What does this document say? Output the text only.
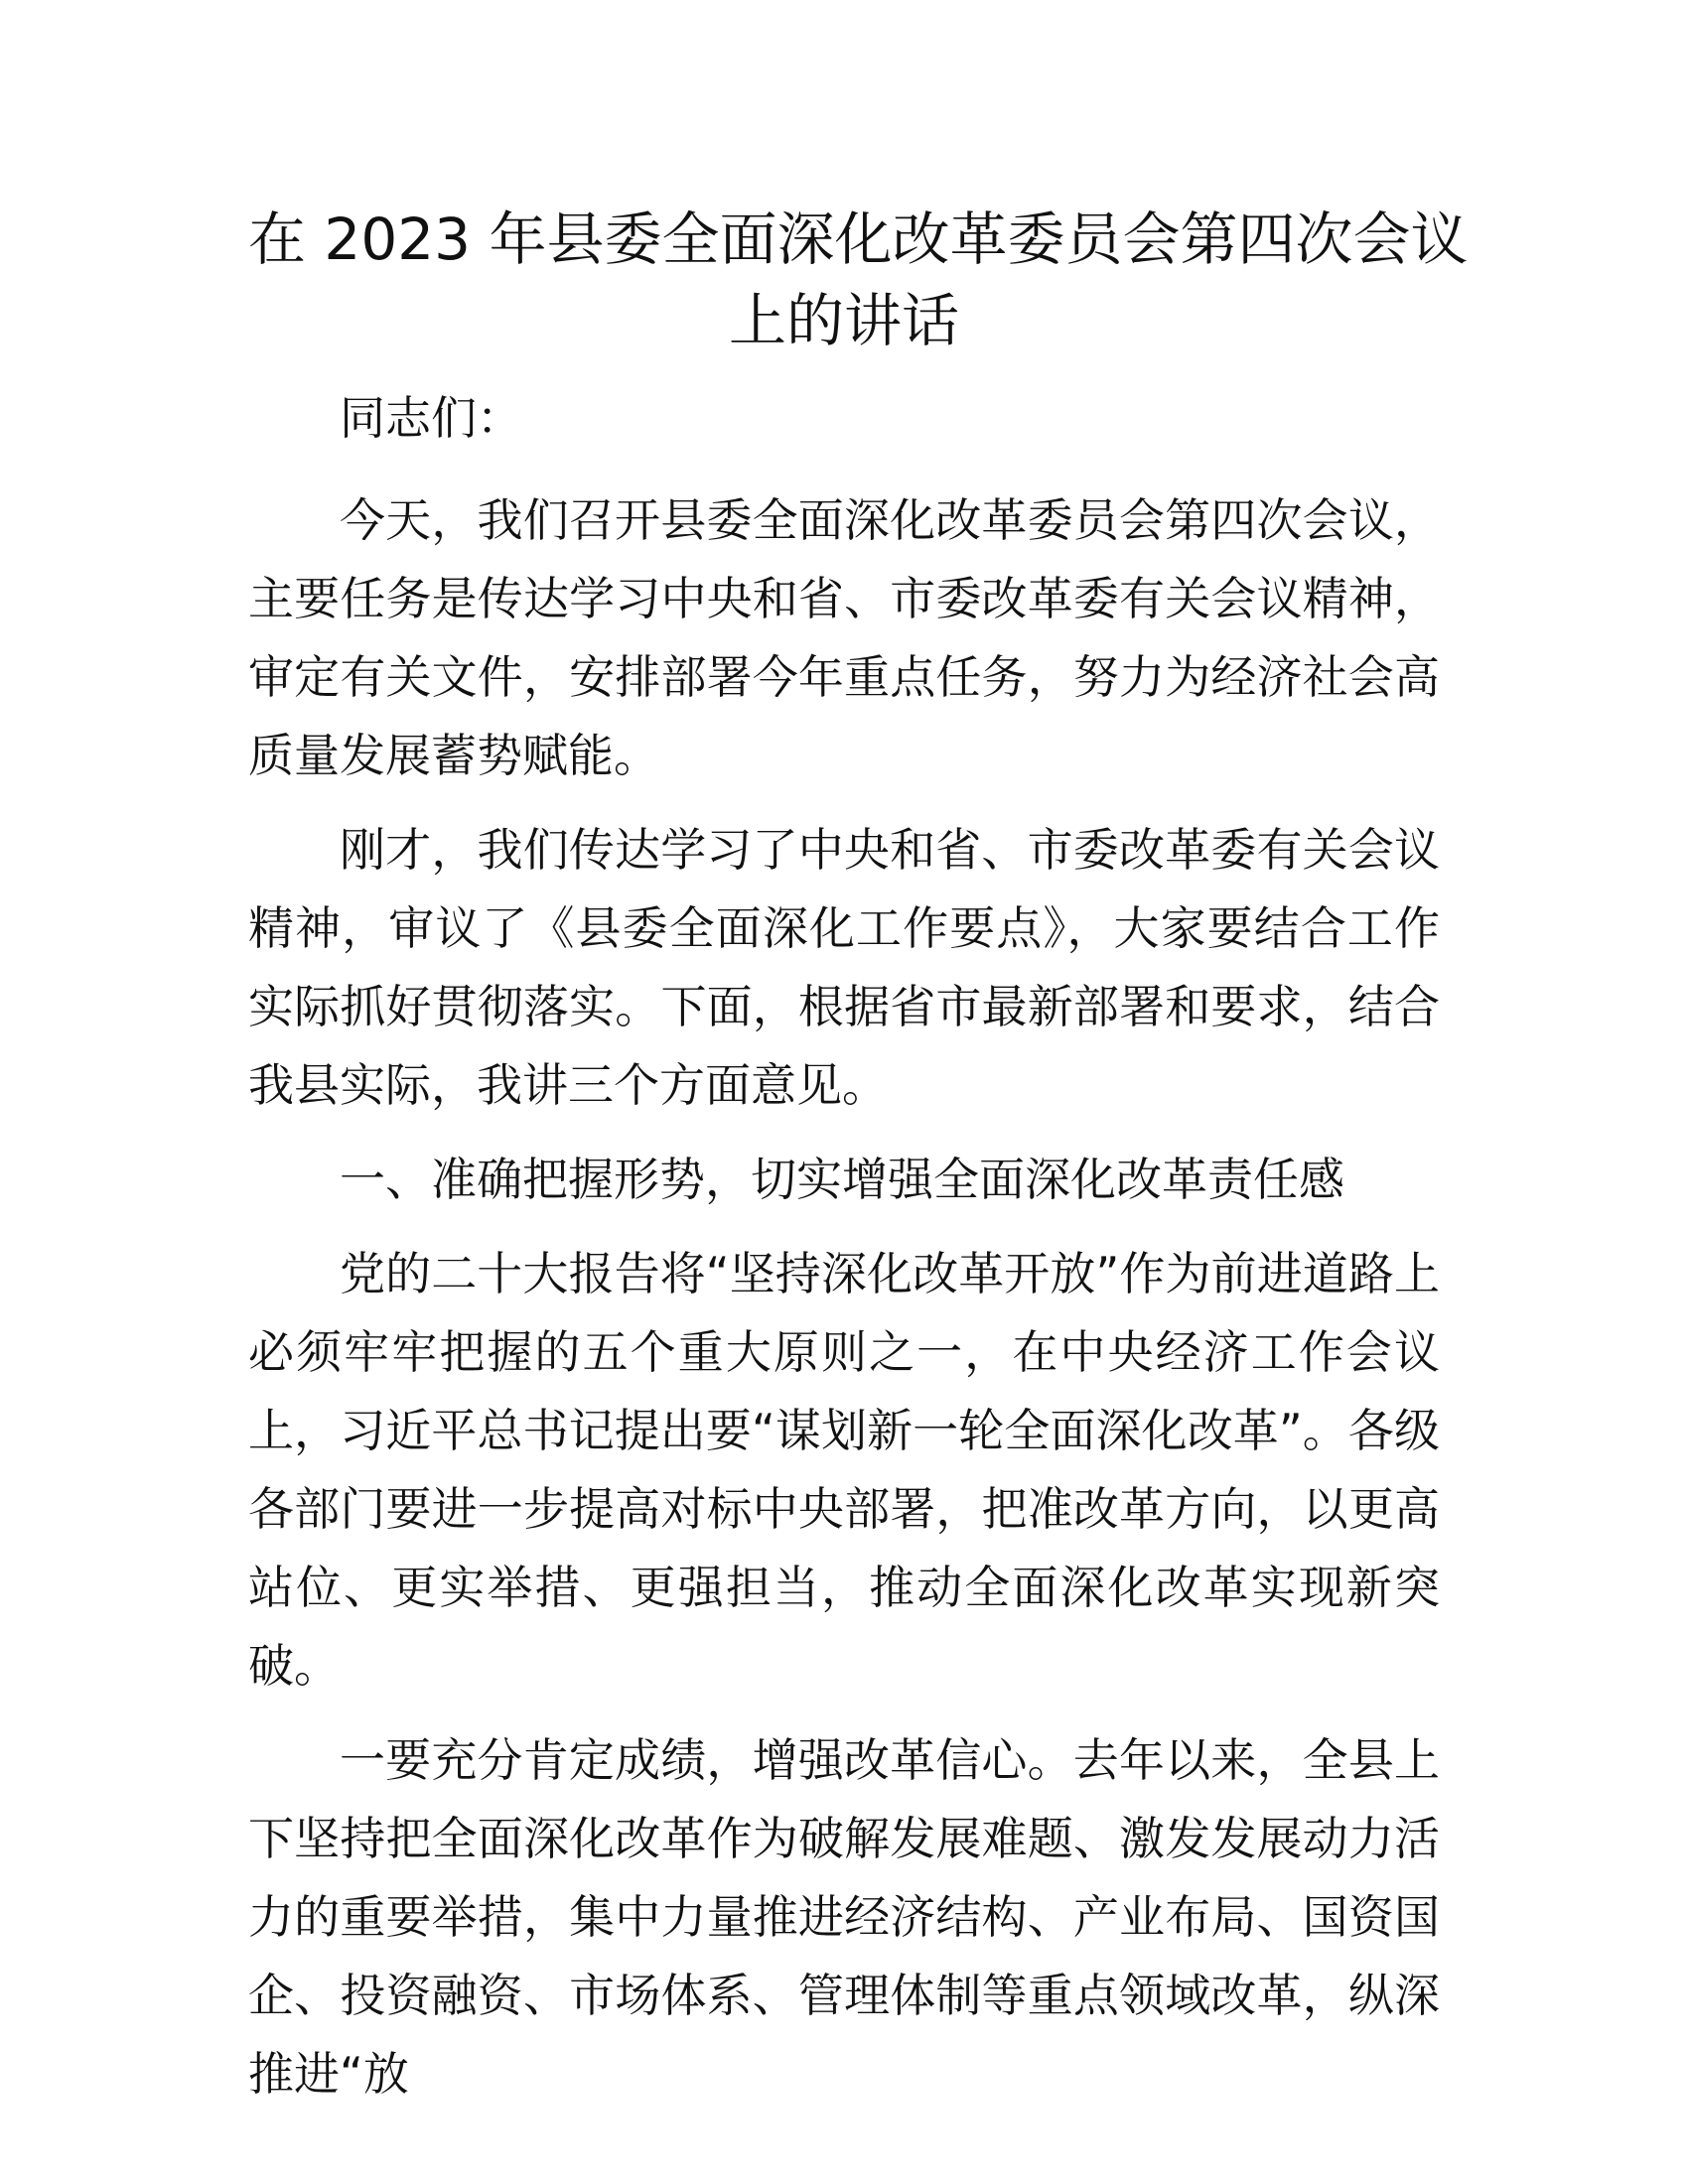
在 2023 年县委全面深化改革委员会第四次会议
上的讲话

同志们：

今天，我们召开县委全面深化改革委员会第四次会议，主要任务是传达学习中央和省、市委改革委有关会议精神，审定有关文件，安排部署今年重点任务，努力为经济社会高质量发展蓄势赋能。

刚才，我们传达学习了中央和省、市委改革委有关会议精神，审议了《县委全面深化工作要点》，大家要结合工作实际抓好贯彻落实。下面，根据省市最新部署和要求，结合我县实际，我讲三个方面意见。

一、准确把握形势，切实增强全面深化改革责任感

党的二十大报告将“坚持深化改革开放”作为前进道路上必须牢牢把握的五个重大原则之一，在中央经济工作会议上，习近平总书记提出要“谋划新一轮全面深化改革”。各级各部门要进一步提高对标中央部署，把准改革方向，以更高站位、更实举措、更强担当，推动全面深化改革实现新突破。

一要充分肯定成绩，增强改革信心。去年以来，全县上下坚持把全面深化改革作为破解发展难题、激发发展动力活力的重要举措，集中力量推进经济结构、产业布局、国资国企、投资融资、市场体系、管理体制等重点领域改革，纵深推进“放
